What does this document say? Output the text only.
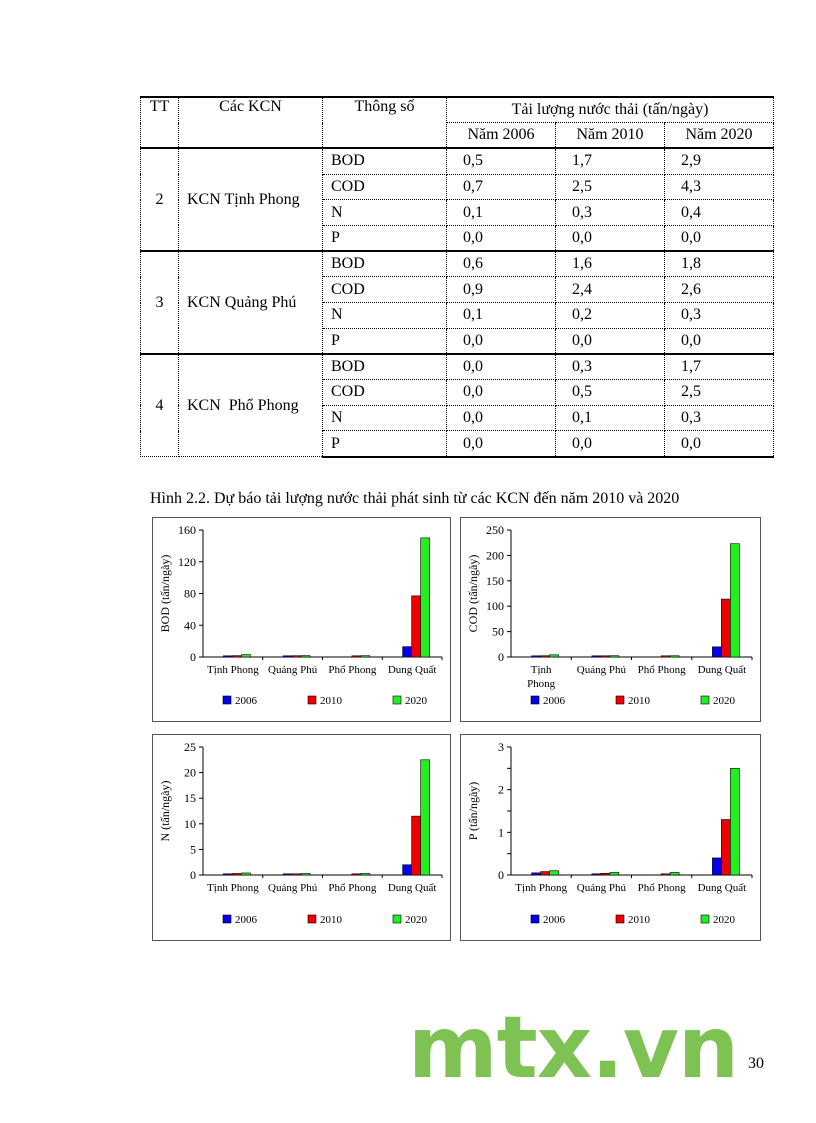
TT	Các KCN	Thông số	Tải lượng nước thải (tấn/ngày)		
			Năm 2006	Năm 2010	Năm 2020
2	KCN Tịnh Phong	BOD	0,5	1,7	2,9
		COD	0,7	2,5	4,3
		N	0,1	0,3	0,4
		P	0,0	0,0	0,0
3	KCN Quảng Phú	BOD	0,6	1,6	1,8
		COD	0,9	2,4	2,6
		N	0,1	0,2	0,3
		P	0,0	0,0	0,0
4	KCN  Phổ Phong	BOD	0,0	0,3	1,7
		COD	0,0	0,5	2,5
		N	0,0	0,1	0,3
		P	0,0	0,0	0,0
Hình 2.2. Dự báo tải lượng nước thải phát sinh từ các KCN đến năm 2010 và 2020
BOD (tấn/ngày)
0
40
80
120
160
Tịnh Phong Quảng Phú Phổ Phong Dung Quất
2006	2010	2020
COD (tấn/ngày)
0
50
100
150
200
250
Tịnh
Phong
Quảng Phú Phổ Phong Dung Quất
2006	2010	2020
N (tấn/ngày)
0
5
10
15
20
25
Tịnh Phong Quảng Phú Phổ Phong Dung Quất
2006	2010	2020
P (tấn/ngày)
0
1
2
3
Tịnh Phong Quảng Phú Phổ Phong Dung Quất
2006	2010	2020
mtx.vn 30
